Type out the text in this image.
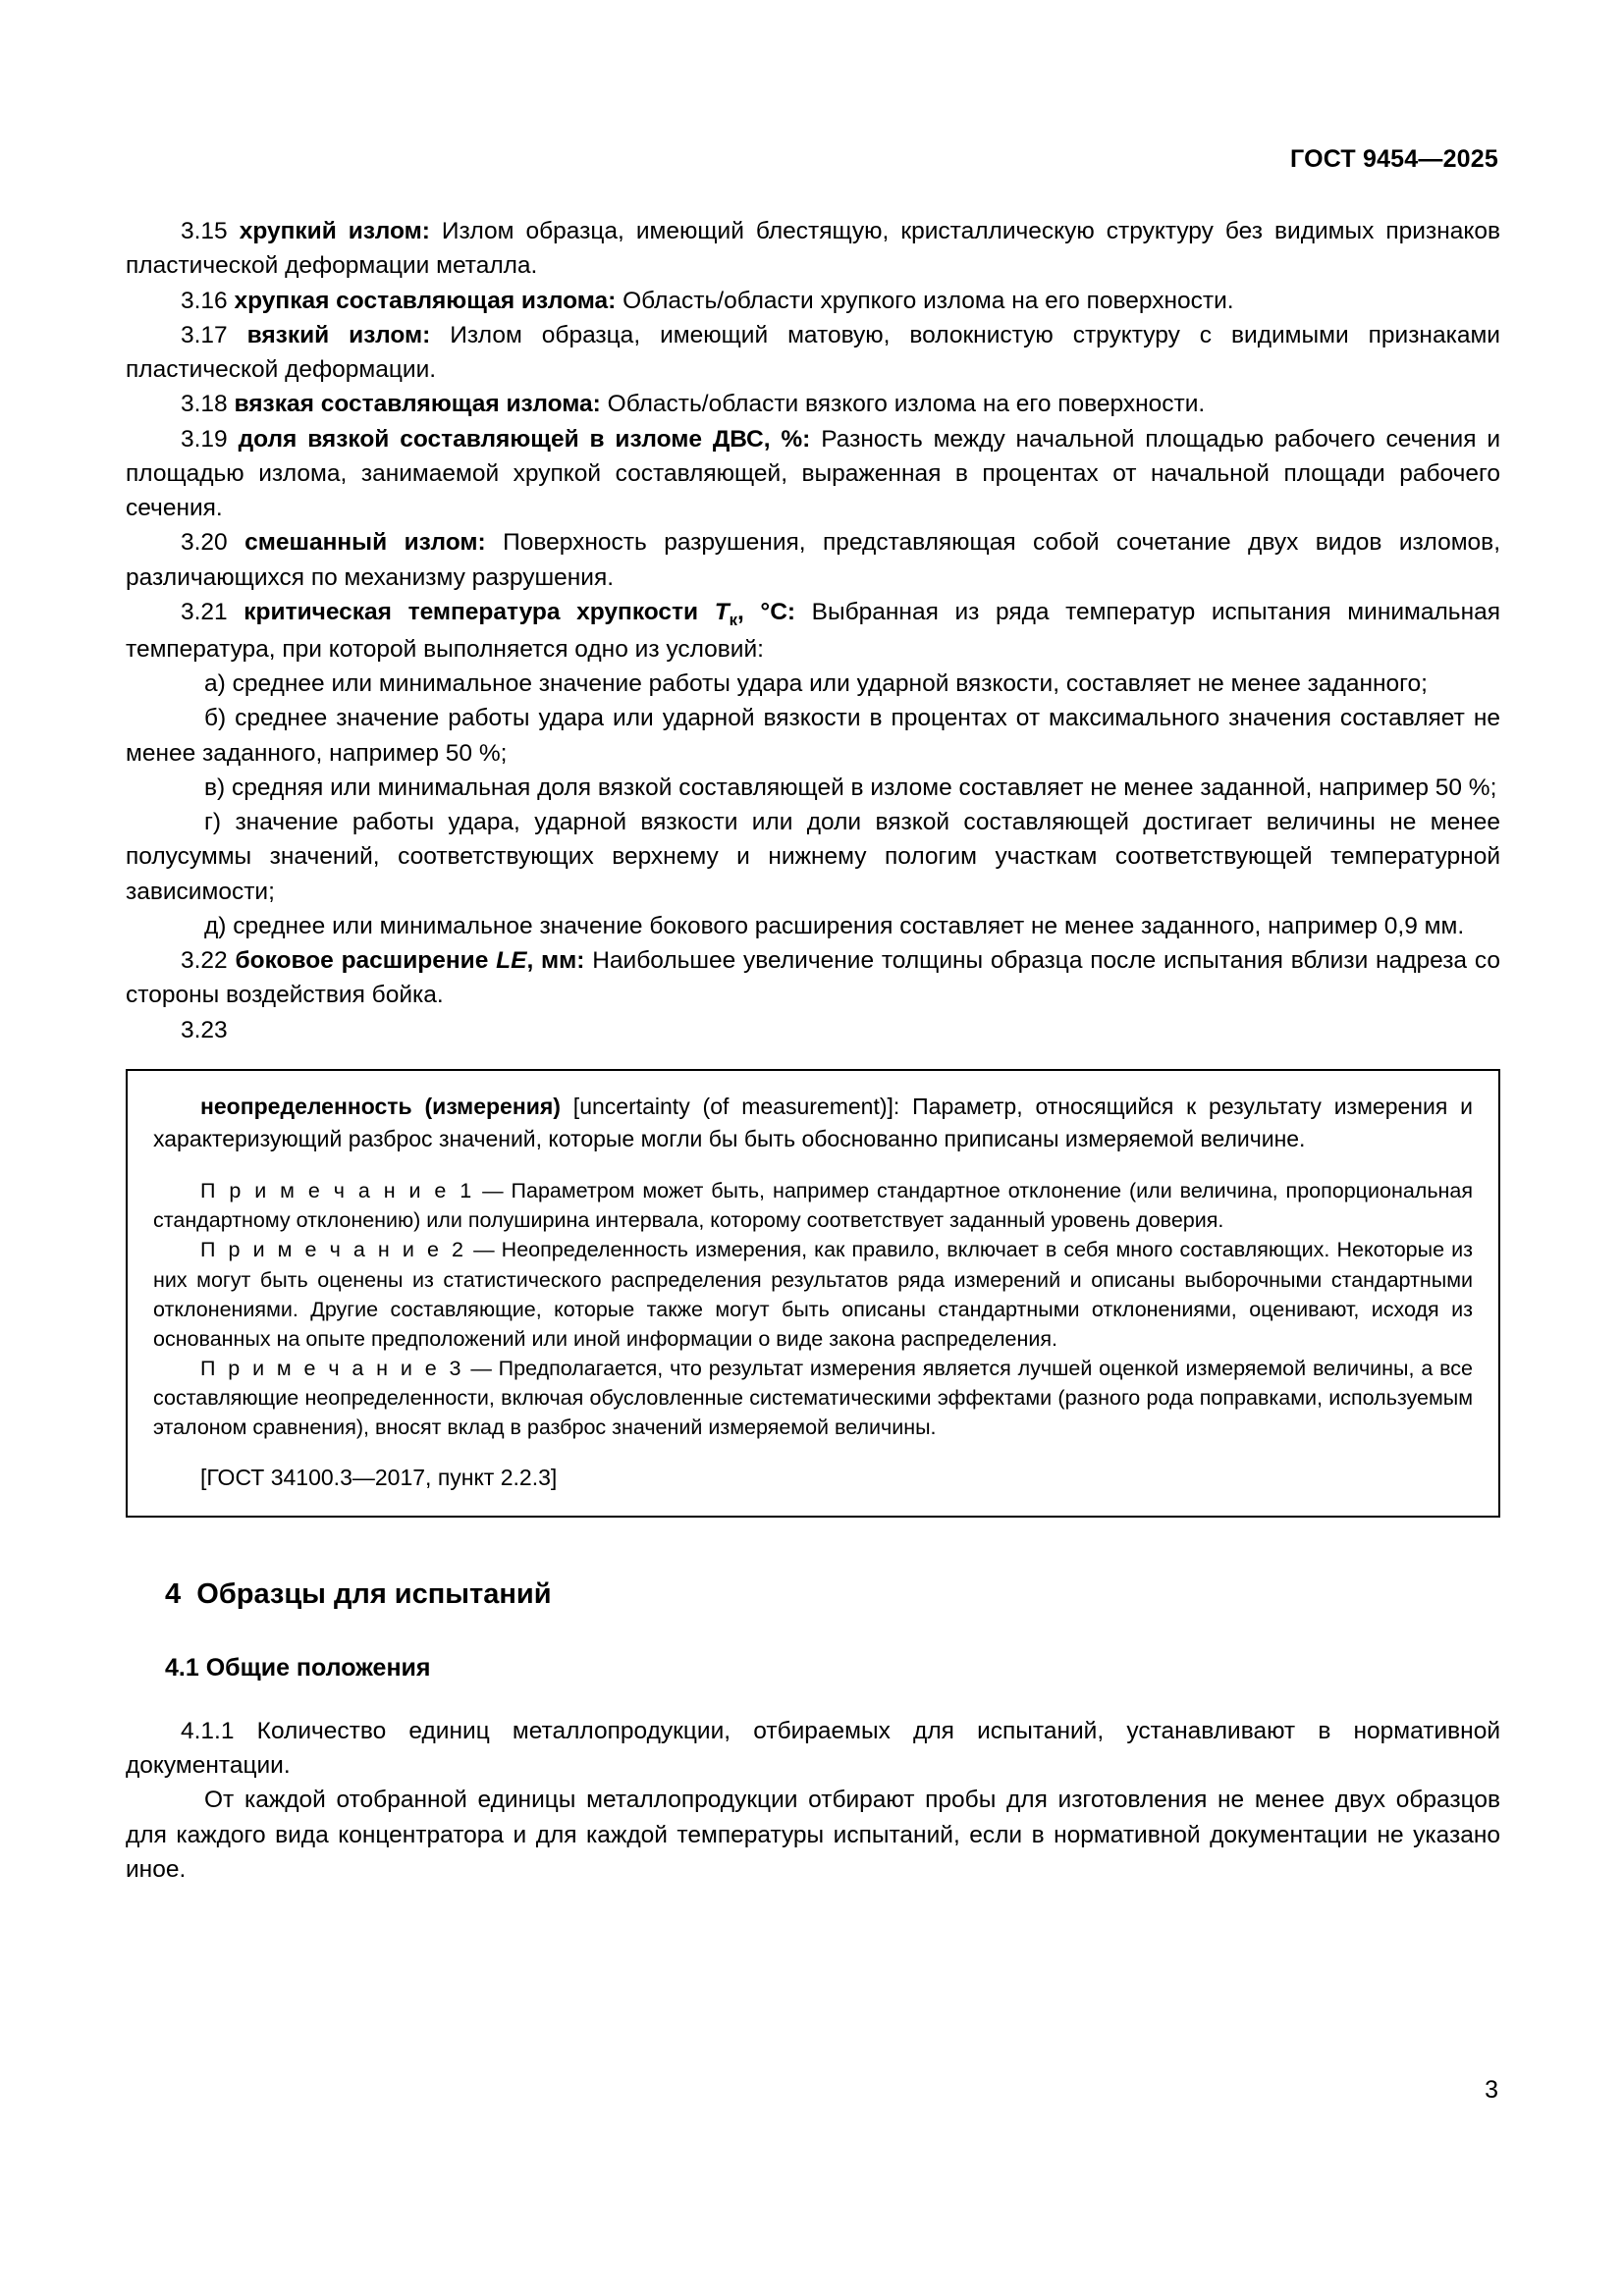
ГОСТ 9454—2025

3.15 хрупкий излом: Излом образца, имеющий блестящую, кристаллическую структуру без видимых признаков пластической деформации металла.

3.16 хрупкая составляющая излома: Область/области хрупкого излома на его поверхности.

3.17 вязкий излом: Излом образца, имеющий матовую, волокнистую структуру с видимыми признаками пластической деформации.

3.18 вязкая составляющая излома: Область/области вязкого излома на его поверхности.

3.19 доля вязкой составляющей в изломе ДВС, %: Разность между начальной площадью рабочего сечения и площадью излома, занимаемой хрупкой составляющей, выраженная в процентах от начальной площади рабочего сечения.

3.20 смешанный излом: Поверхность разрушения, представляющая собой сочетание двух видов изломов, различающихся по механизму разрушения.

3.21 критическая температура хрупкости $T_к$, °С: Выбранная из ряда температур испытания минимальная температура, при которой выполняется одно из условий:

а) среднее или минимальное значение работы удара или ударной вязкости, составляет не менее заданного;

б) среднее значение работы удара или ударной вязкости в процентах от максимального значения составляет не менее заданного, например 50 %;

в) средняя или минимальная доля вязкой составляющей в изломе составляет не менее заданной, например 50 %;

г) значение работы удара, ударной вязкости или доли вязкой составляющей достигает величины не менее полусуммы значений, соответствующих верхнему и нижнему пологим участкам соответствующей температурной зависимости;

д) среднее или минимальное значение бокового расширения составляет не менее заданного, например 0,9 мм.

3.22 боковое расширение LE, мм: Наибольшее увеличение толщины образца после испытания вблизи надреза со стороны воздействия бойка.

3.23

неопределенность (измерения) [uncertainty (of measurement)]: Параметр, относящийся к результату измерения и характеризующий разброс значений, которые могли бы быть обоснованно приписаны измеряемой величине.

П р и м е ч а н и е 1 — Параметром может быть, например стандартное отклонение (или величина, пропорциональная стандартному отклонению) или полуширина интервала, которому соответствует заданный уровень доверия.

П р и м е ч а н и е 2 — Неопределенность измерения, как правило, включает в себя много составляющих. Некоторые из них могут быть оценены из статистического распределения результатов ряда измерений и описаны выборочными стандартными отклонениями. Другие составляющие, которые также могут быть описаны стандартными отклонениями, оценивают, исходя из основанных на опыте предположений или иной информации о виде закона распределения.

П р и м е ч а н и е 3 — Предполагается, что результат измерения является лучшей оценкой измеряемой величины, а все составляющие неопределенности, включая обусловленные систематическими эффектами (разного рода поправками, используемым эталоном сравнения), вносят вклад в разброс значений измеряемой величины.

[ГОСТ 34100.3—2017, пункт 2.2.3]

4 Образцы для испытаний
4.1 Общие положения

4.1.1 Количество единиц металлопродукции, отбираемых для испытаний, устанавливают в нормативной документации.

От каждой отобранной единицы металлопродукции отбирают пробы для изготовления не менее двух образцов для каждого вида концентратора и для каждой температуры испытаний, если в нормативной документации не указано иное.

3
